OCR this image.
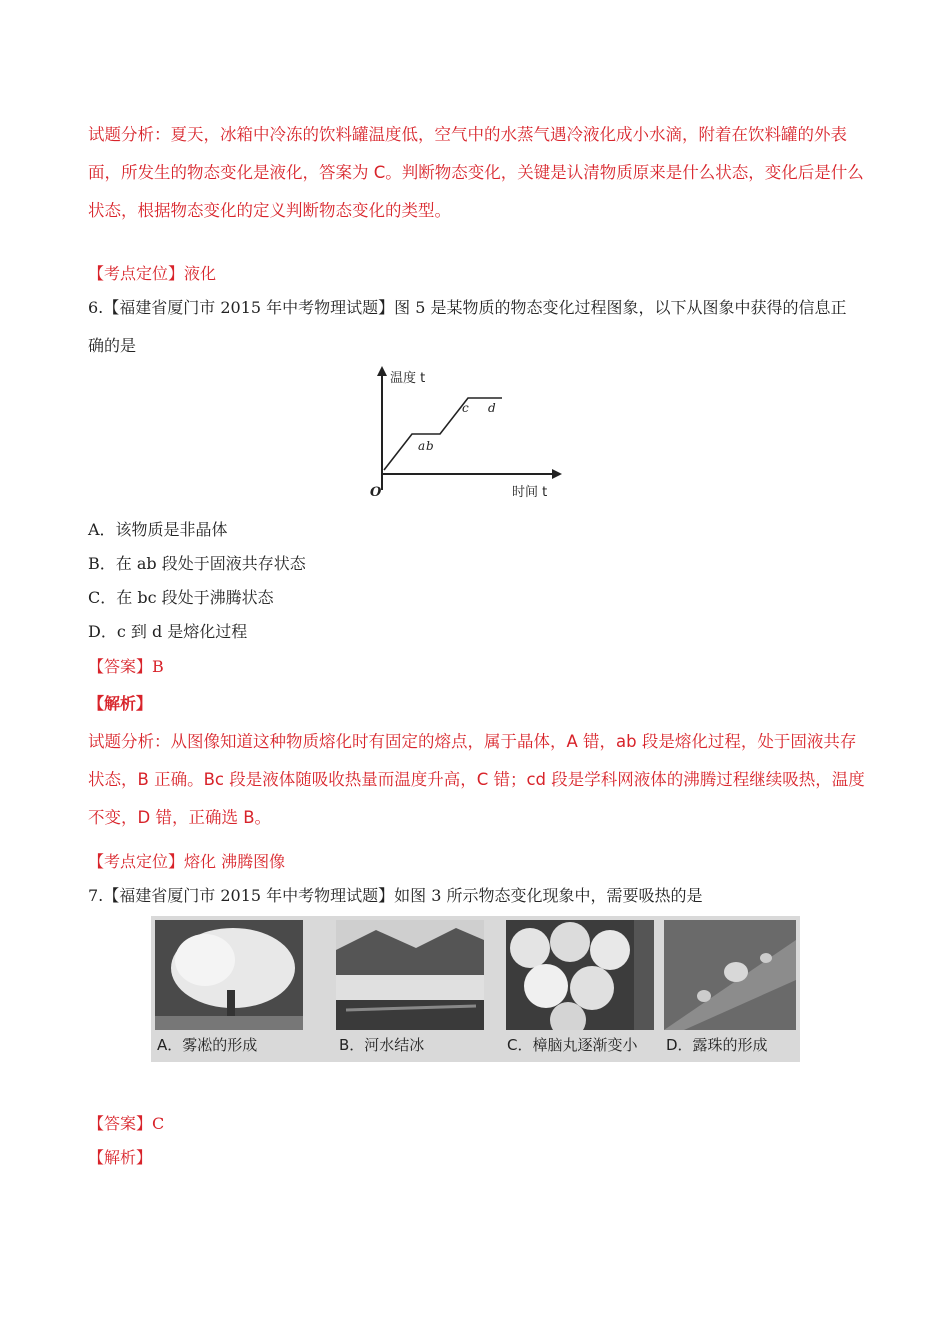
试题分析：夏天，冰箱中冷冻的饮料罐温度低，空气中的水蒸气遇冷液化成小水滴，附着在饮料罐的外表
面，所发生的物态变化是液化，答案为 C。判断物态变化，关键是认清物质原来是什么状态，变化后是什么
状态，根据物态变化的定义判断物态变化的类型。
【考点定位】液化
6.【福建省厦门市 2015 年中考物理试题】图 5 是某物质的物态变化过程图象，以下从图象中获得的信息正
确的是
温度 t
时间 t
O
a b
c d
A．该物质是非晶体
B．在 ab 段处于固液共存状态
C．在 bc 段处于沸腾状态
D．c 到 d 是熔化过程
【答案】B
【解析】
试题分析：从图像知道这种物质熔化时有固定的熔点，属于晶体，A 错，ab 段是熔化过程，处于固液共存
状态，B 正确。Bc 段是液体随吸收热量而温度升高，C 错；cd 段是学科网液体的沸腾过程继续吸热，温度
不变，D 错，正确选 B。
【考点定位】熔化 沸腾图像
7.【福建省厦门市 2015 年中考物理试题】如图 3 所示物态变化现象中，需要吸热的是
A．雾凇的形成	B．河水结冰	C．樟脑丸逐渐变小 D．露珠的形成
【答案】C
【解析】
